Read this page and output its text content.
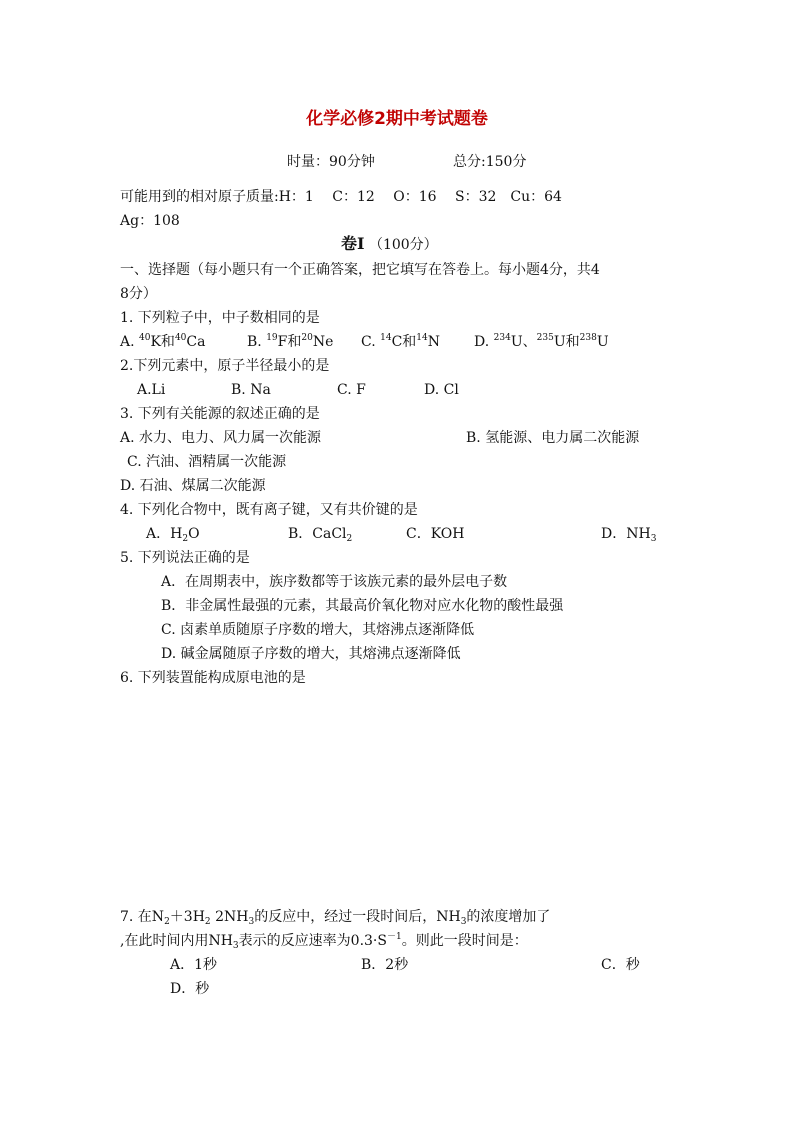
化学必修2期中考试题卷
时量：90分钟	总分:150分
可能用到的相对原子质量:H：1　 C：12　 O：16　 S：32　Cu：64
Ag：108
卷Ⅰ （100分）
一、选择题（每小题只有一个正确答案，把它填写在答卷上。每小题4分，共4
8分）
1. 下列粒子中，中子数相同的是
A. $^{40}$K和$^{40}$Ca	B. $^{19}$F和$^{20}$Ne C. $^{14}$C和$^{14}$N D. $^{234}$U、$^{235}$U和$^{238}$U
2.下列元素中，原子半径最小的是
A.Li	B. Na	C. F	D. Cl
3. 下列有关能源的叙述正确的是
A. 水力、电力、风力属一次能源	B. 氢能源、电力属二次能源
C. 汽油、酒精属一次能源
D. 石油、煤属二次能源
4. 下列化合物中，既有离子键，又有共价键的是
A．$H_2O$	B．CaCl$_2$	C．KOH	D．$NH_3$
5. 下列说法正确的是
A．在周期表中，族序数都等于该族元素的最外层电子数
B．非金属性最强的元素，其最高价氧化物对应水化物的酸性最强
C. 卤素单质随原子序数的增大，其熔沸点逐渐降低
D. 碱金属随原子序数的增大，其熔沸点逐渐降低
6. 下列装置能构成原电池的是
7. 在$N_2+3H_2$ $2NH_3$的反应中，经过一段时间后，$NH_3$的浓度增加了
,在此时间内用$NH_3$表示的反应速率为$0.3\cdot S^{-1}$。则此一段时间是：
A．1秒	B．2秒	C．秒
D．秒
